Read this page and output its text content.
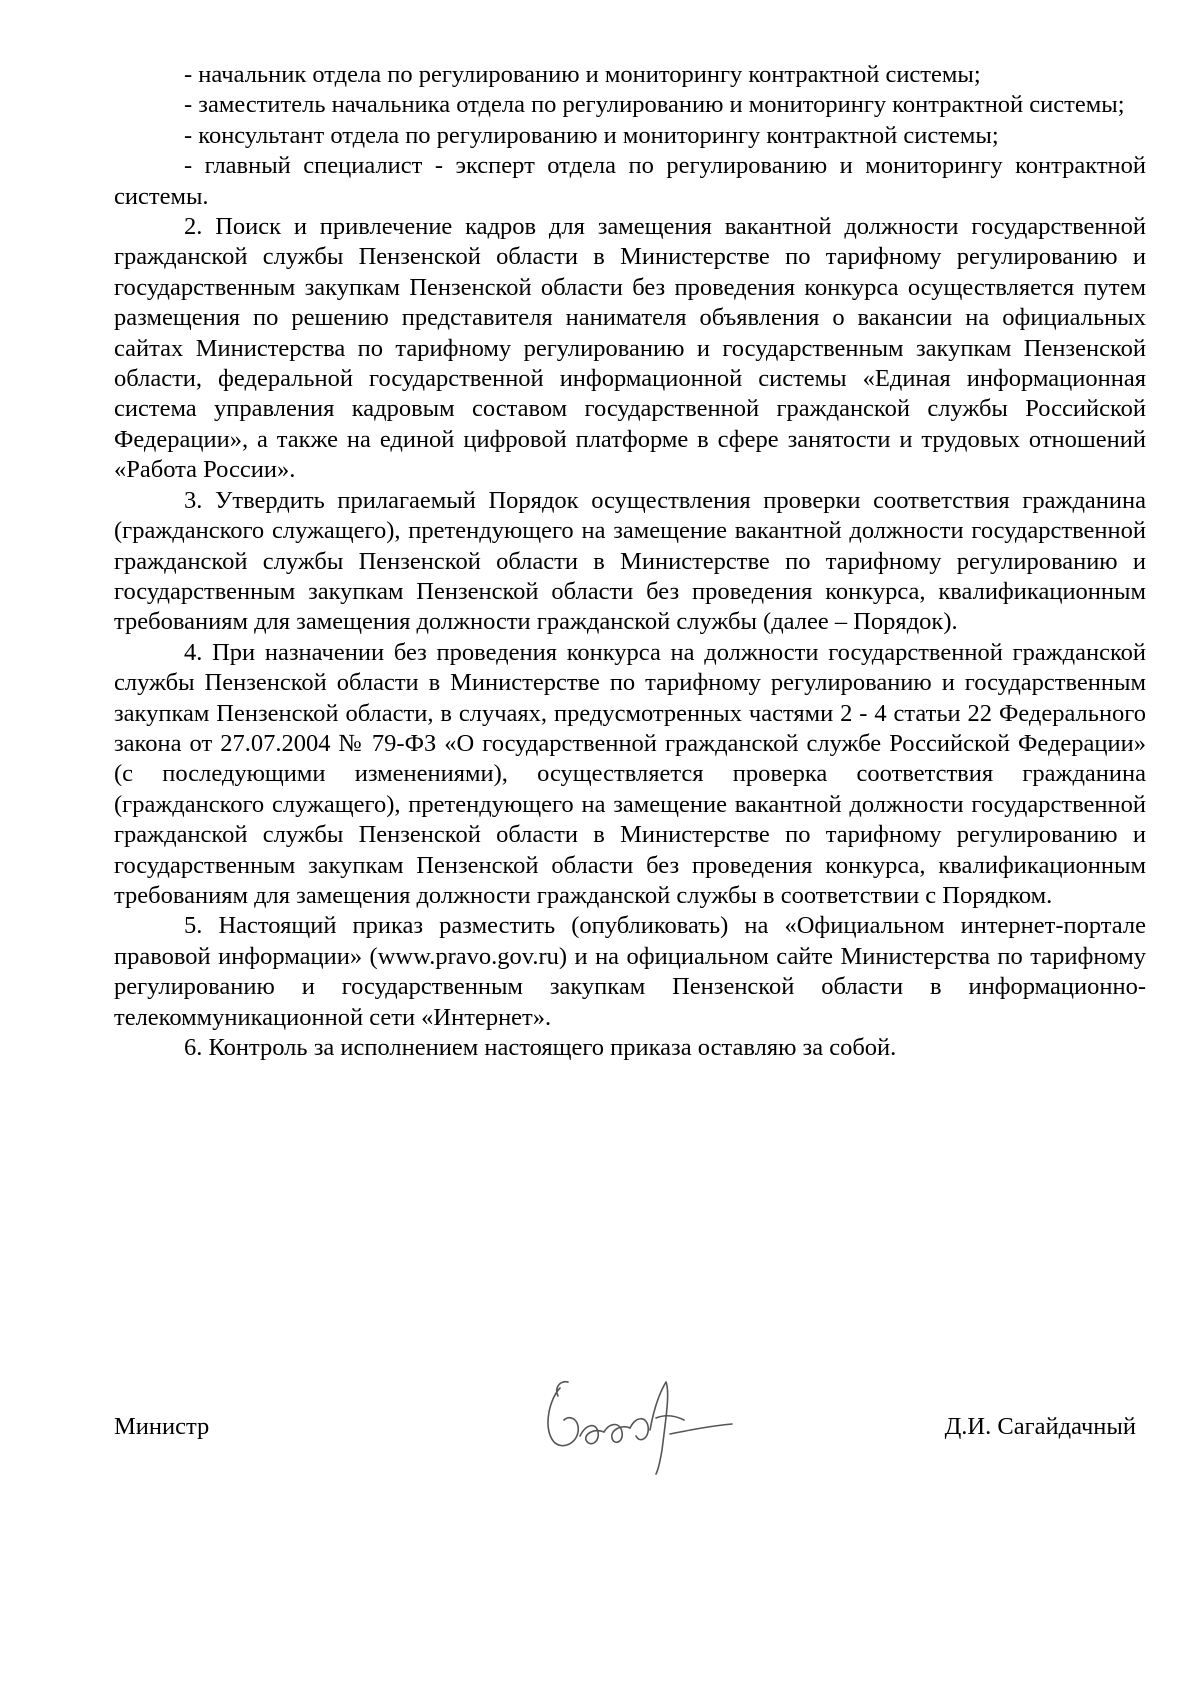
- начальник отдела по регулированию и мониторингу контрактной системы;

- заместитель начальника отдела по регулированию и мониторингу контрактной системы;

- консультант отдела по регулированию и мониторингу контрактной системы;

- главный специалист - эксперт отдела по регулированию и мониторингу контрактной системы.

2. Поиск и привлечение кадров для замещения вакантной должности государственной гражданской службы Пензенской области в Министерстве по тарифному регулированию и государственным закупкам Пензенской области без проведения конкурса осуществляется путем размещения по решению представителя нанимателя объявления о вакансии на официальных сайтах Министерства по тарифному регулированию и государственным закупкам Пензенской области, федеральной государственной информационной системы «Единая информационная система управления кадровым составом государственной гражданской службы Российской Федерации», а также на единой цифровой платформе в сфере занятости и трудовых отношений «Работа России».

3. Утвердить прилагаемый Порядок осуществления проверки соответствия гражданина (гражданского служащего), претендующего на замещение вакантной должности государственной гражданской службы Пензенской области в Министерстве по тарифному регулированию и государственным закупкам Пензенской области без проведения конкурса, квалификационным требованиям для замещения должности гражданской службы (далее – Порядок).

4. При назначении без проведения конкурса на должности государственной гражданской службы Пензенской области в Министерстве по тарифному регулированию и государственным закупкам Пензенской области, в случаях, предусмотренных частями 2 - 4 статьи 22 Федерального закона от 27.07.2004 № 79-ФЗ «О государственной гражданской службе Российской Федерации» (с последующими изменениями), осуществляется проверка соответствия гражданина (гражданского служащего), претендующего на замещение вакантной должности государственной гражданской службы Пензенской области в Министерстве по тарифному регулированию и государственным закупкам Пензенской области без проведения конкурса, квалификационным требованиям для замещения должности гражданской службы в соответствии с Порядком.

5. Настоящий приказ разместить (опубликовать) на «Официальном интернет-портале правовой информации» (www.pravo.gov.ru) и на официальном сайте Министерства по тарифному регулированию и государственным закупкам Пензенской области в информационно-телекоммуникационной сети «Интернет».

6. Контроль за исполнением настоящего приказа оставляю за собой.

Министр	Д.И. Сагайдачный
